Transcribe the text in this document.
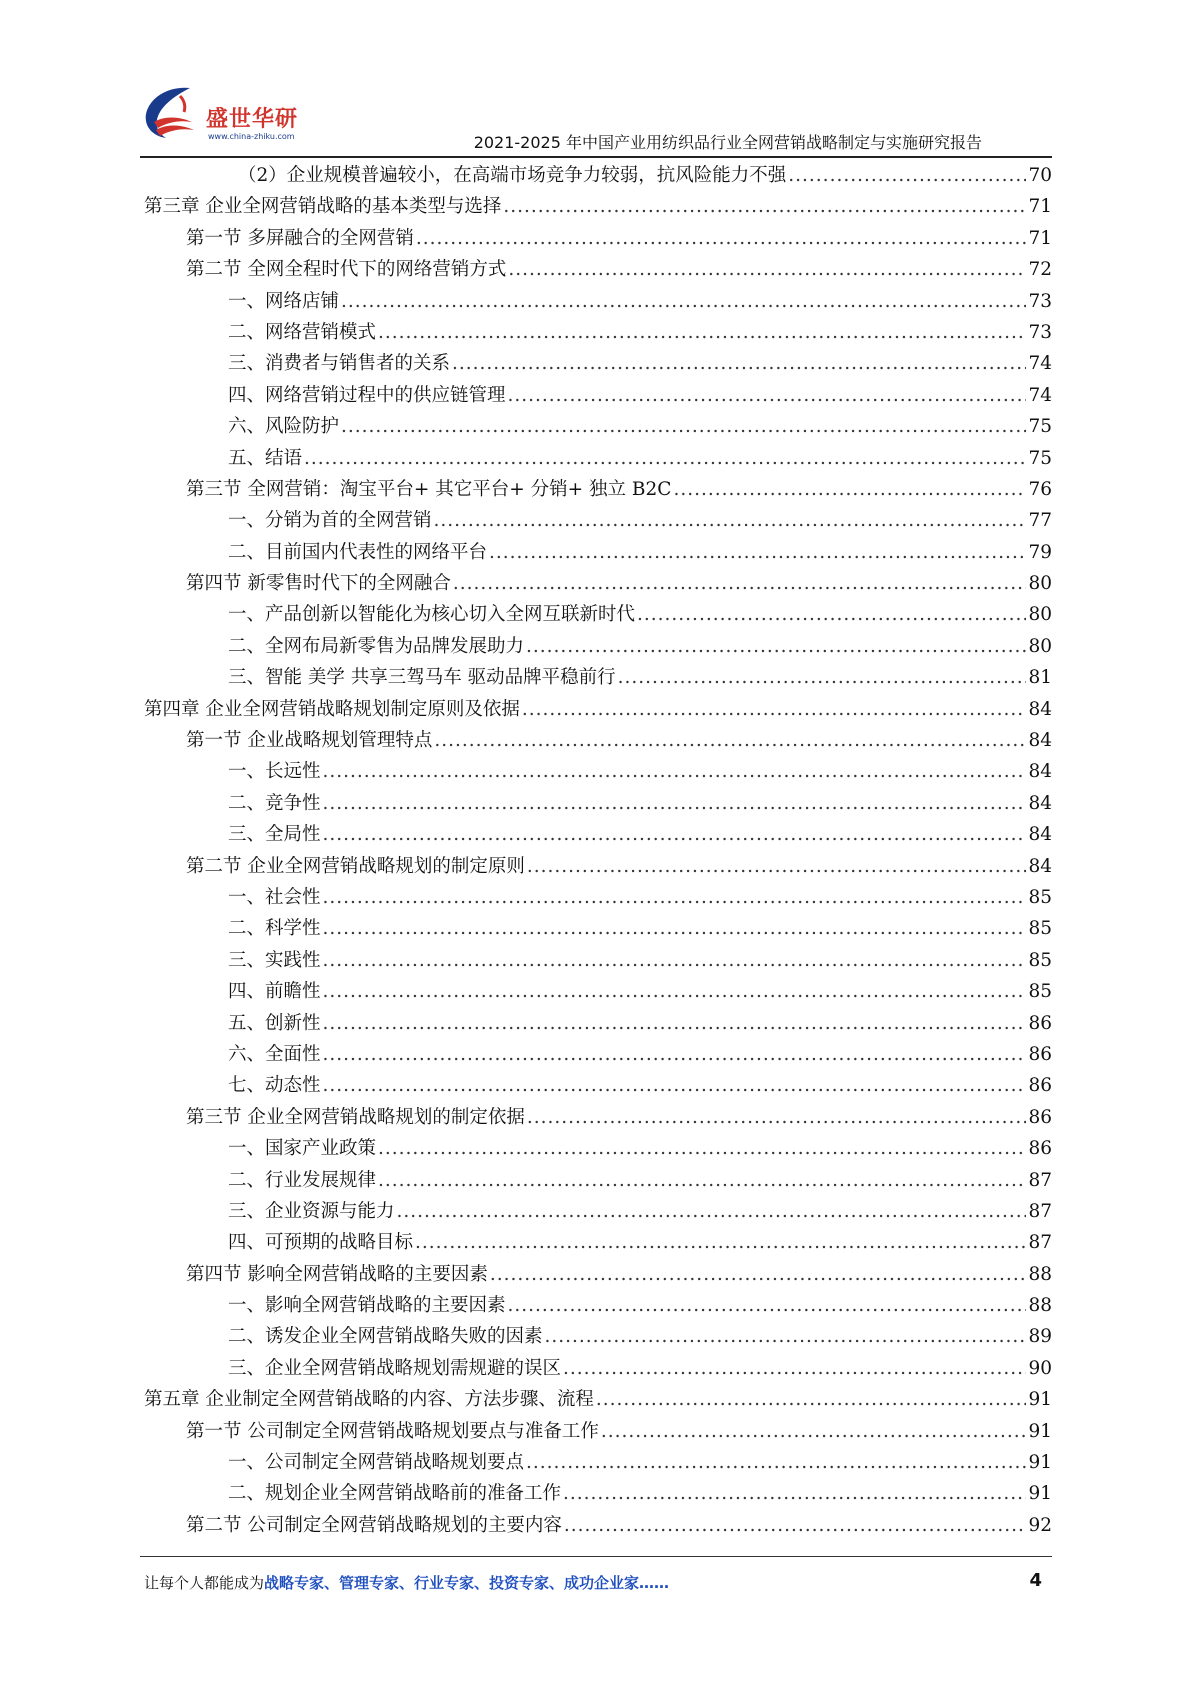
盛世华研
www.china-zhiku.com	2021-2025 年中国产业用纺织品行业全网营销战略制定与实施研究报告
（2）企业规模普遍较小，在高端市场竞争力较弱，抗风险能力不强 .....	70
第三章 企业全网营销战略的基本类型与选择 .....	71
第一节 多屏融合的全网营销 .....	71
第二节 全网全程时代下的网络营销方式 .....	72
一、网络店铺 .....	73
二、网络营销模式 .....	73
三、消费者与销售者的关系 .....	74
四、网络营销过程中的供应链管理 .....	74
六、风险防护 .....	75
五、结语 .....	75
第三节 全网营销：淘宝平台+ 其它平台+ 分销+ 独立 B2C .....	76
一、分销为首的全网营销 .....	77
二、目前国内代表性的网络平台 .....	79
第四节 新零售时代下的全网融合 .....	80
一、产品创新以智能化为核心切入全网互联新时代 .....	80
二、全网布局新零售为品牌发展助力 .....	80
三、智能 美学 共享三驾马车 驱动品牌平稳前行 .....	81
第四章 企业全网营销战略规划制定原则及依据 .....	84
第一节 企业战略规划管理特点 .....	84
一、长远性 .....	84
二、竞争性 .....	84
三、全局性 .....	84
第二节 企业全网营销战略规划的制定原则 .....	84
一、社会性 .....	85
二、科学性 .....	85
三、实践性 .....	85
四、前瞻性 .....	85
五、创新性 .....	86
六、全面性 .....	86
七、动态性 .....	86
第三节 企业全网营销战略规划的制定依据 .....	86
一、国家产业政策 .....	86
二、行业发展规律 .....	87
三、企业资源与能力 .....	87
四、可预期的战略目标 .....	87
第四节 影响全网营销战略的主要因素 .....	88
一、影响全网营销战略的主要因素 .....	88
二、诱发企业全网营销战略失败的因素 .....	89
三、企业全网营销战略规划需规避的误区 .....	90
第五章 企业制定全网营销战略的内容、方法步骤、流程 .....	91
第一节 公司制定全网营销战略规划要点与准备工作 .....	91
一、公司制定全网营销战略规划要点 .....	91
二、规划企业全网营销战略前的准备工作 .....	91
第二节 公司制定全网营销战略规划的主要内容 .....	92
让每个人都能成为战略专家、管理专家、行业专家、投资专家、成功企业家……	4
